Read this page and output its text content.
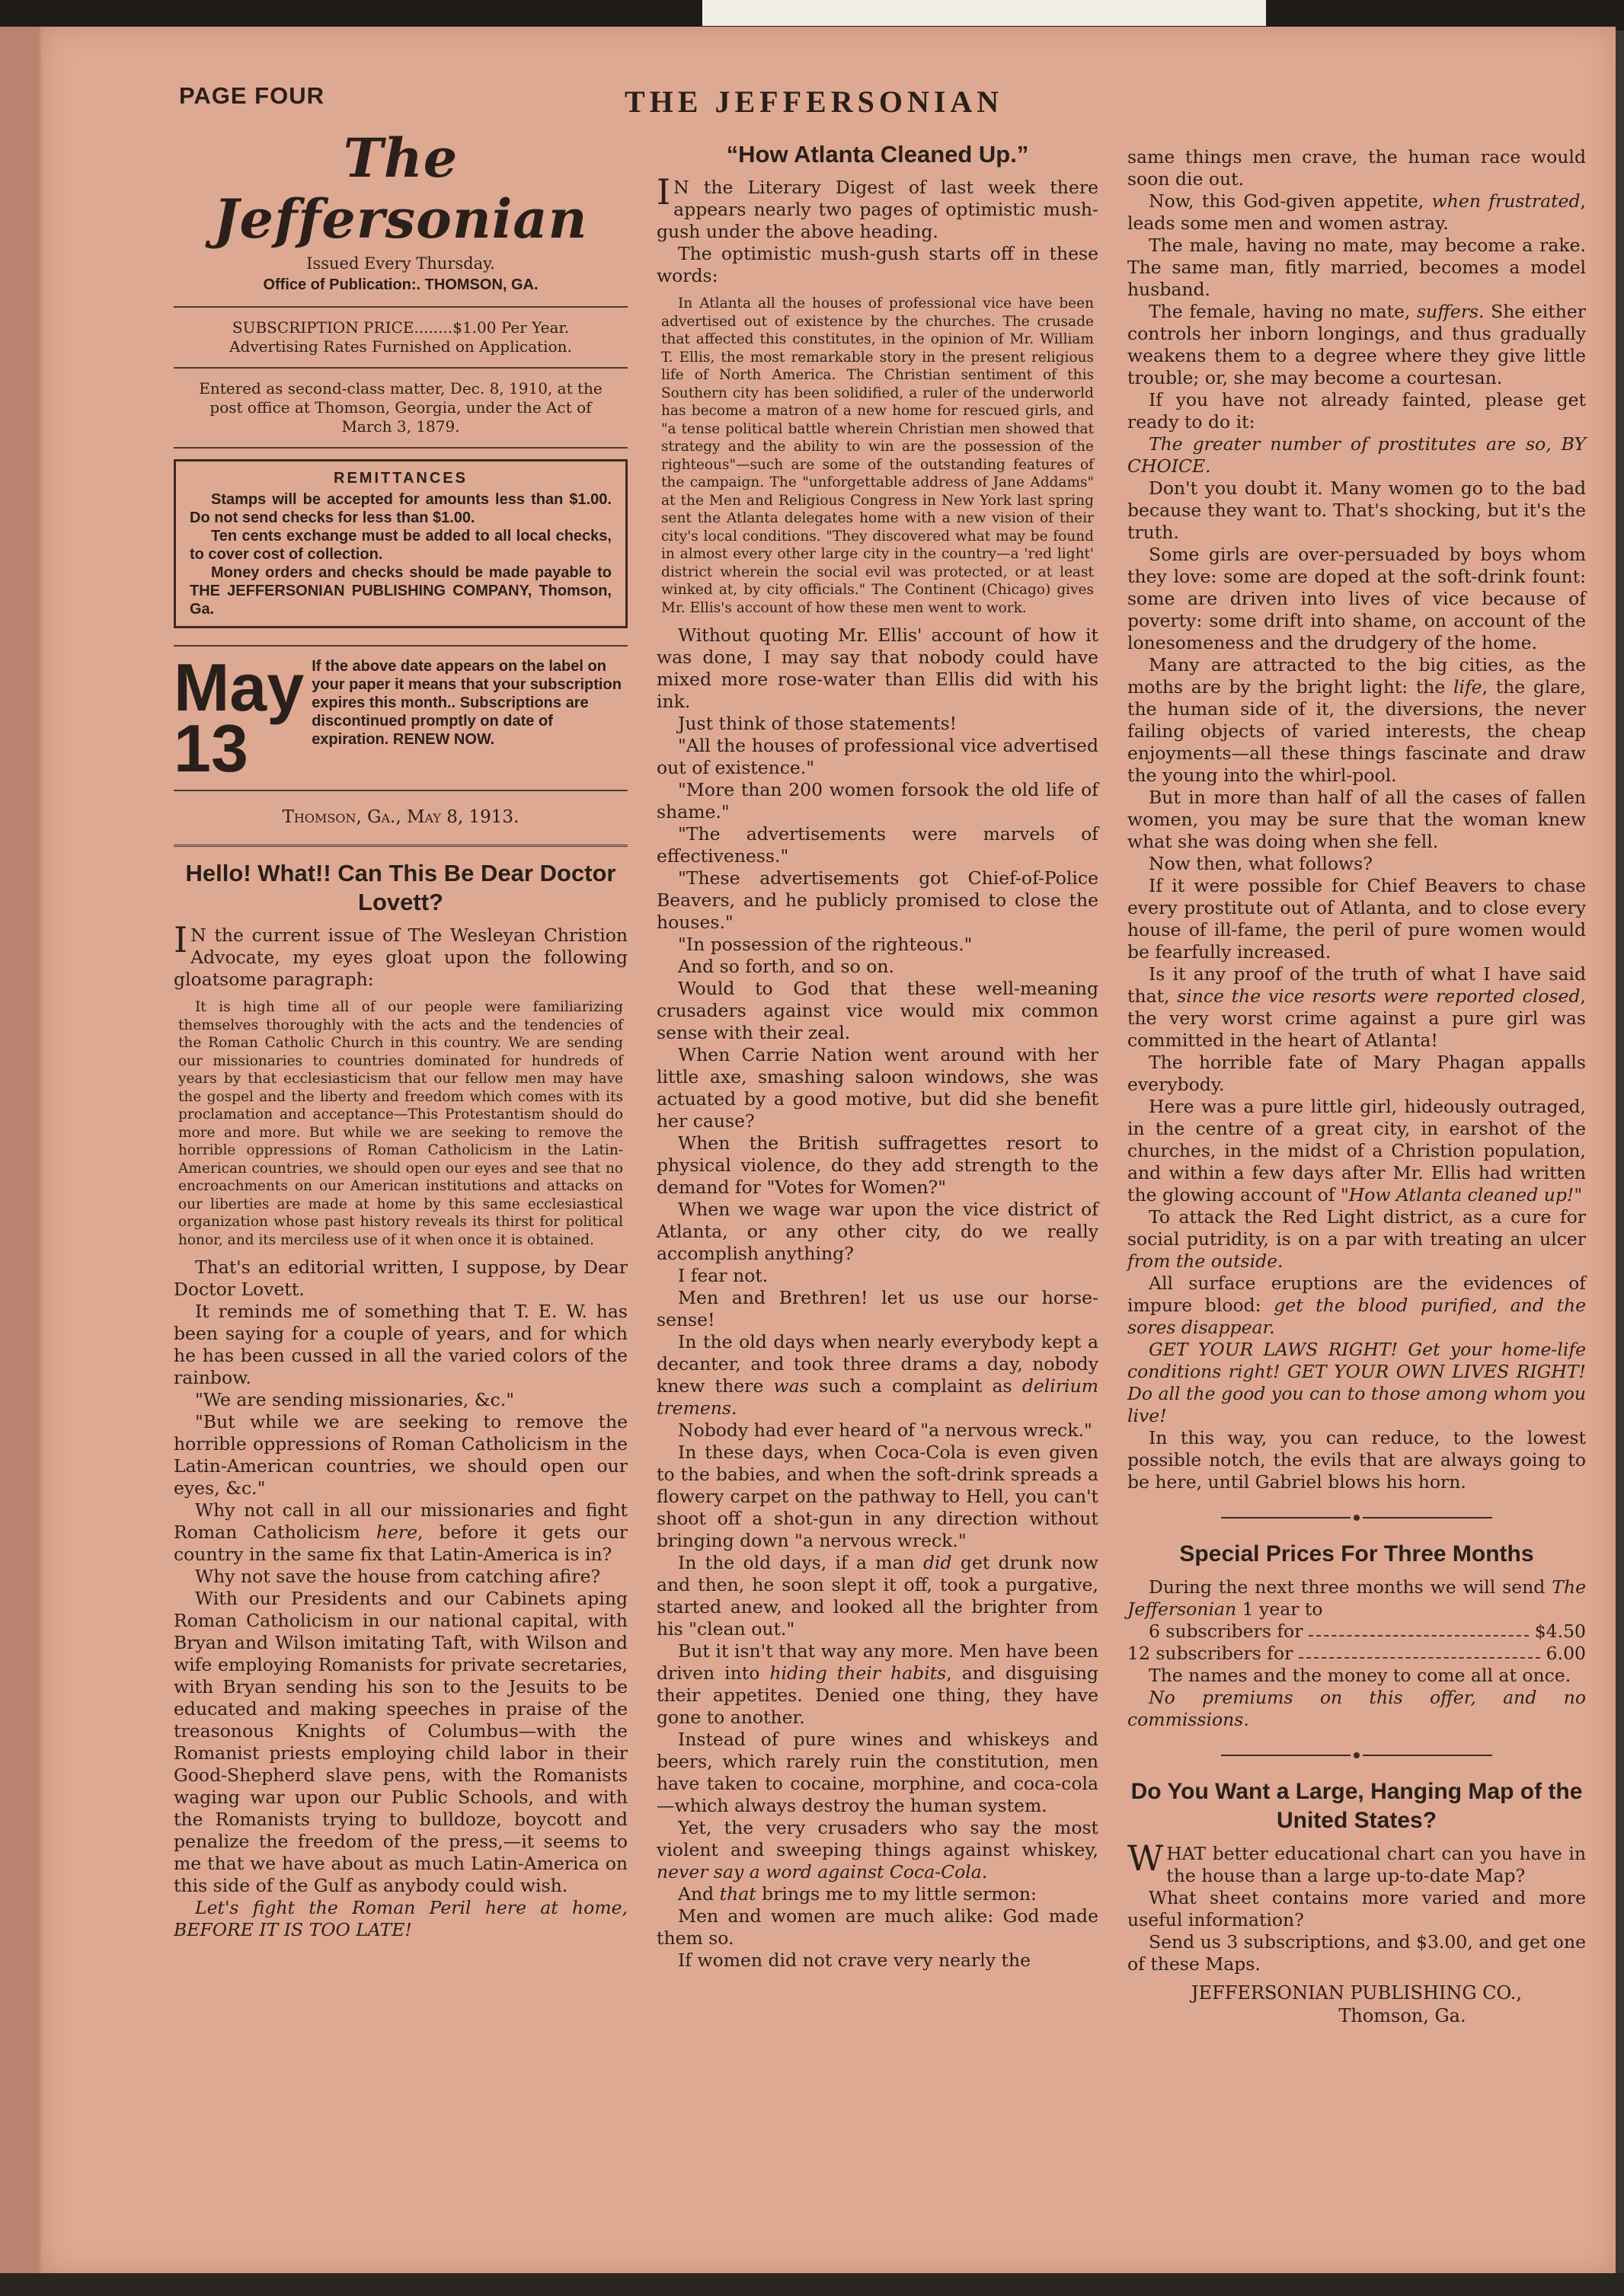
PAGE FOUR	THE JEFFERSONIAN
The Jeffersonian
Issued Every Thursday.
Office of Publication:. THOMSON, GA.
SUBSCRIPTION PRICE........$1.00 Per Year.
Advertising Rates Furnished on Application.
Entered as second-class matter, Dec. 8, 1910, at the post office at Thomson, Georgia, under the Act of March 3, 1879.
REMITTANCES

Stamps will be accepted for amounts less than $1.00. Do not send checks for less than $1.00.

Ten cents exchange must be added to all local checks, to cover cost of collection.

Money orders and checks should be made payable to THE JEFFERSONIAN PUBLISHING COMPANY, Thomson, Ga.

May 13
If the above date appears on the label on your paper it means that your subscription expires this month.. Subscriptions are discontinued promptly on date of expiration. RENEW NOW.
Thomson, Ga., May 8, 1913.
Hello! What!! Can This Be Dear Doctor Lovett?

IN the current issue of The Wesleyan Christion Advocate, my eyes gloat upon the following gloatsome paragraph:

It is high time all of our people were familiarizing themselves thoroughly with the acts and the tendencies of the Roman Catholic Church in this country. We are sending our missionaries to countries dominated for hundreds of years by that ecclesiasticism that our fellow men may have the gospel and the liberty and freedom which comes with its proclamation and acceptance—This Protestantism should do more and more. But while we are seeking to remove the horrible oppressions of Roman Catholicism in the Latin-American countries, we should open our eyes and see that no encroachments on our American institutions and attacks on our liberties are made at home by this same ecclesiastical organization whose past history reveals its thirst for political honor, and its merciless use of it when once it is obtained.

That's an editorial written, I suppose, by Dear Doctor Lovett.

It reminds me of something that T. E. W. has been saying for a couple of years, and for which he has been cussed in all the varied colors of the rainbow.

"We are sending missionaries, &c."

"But while we are seeking to remove the horrible oppressions of Roman Catholicism in the Latin-American countries, we should open our eyes, &c."

Why not call in all our missionaries and fight Roman Catholicism here, before it gets our country in the same fix that Latin-America is in?

Why not save the house from catching afire?

With our Presidents and our Cabinets aping Roman Catholicism in our national capital, with Bryan and Wilson imitating Taft, with Wilson and wife employing Romanists for private secretaries, with Bryan sending his son to the Jesuits to be educated and making speeches in praise of the treasonous Knights of Columbus—with the Romanist priests employing child labor in their Good-Shepherd slave pens, with the Romanists waging war upon our Public Schools, and with the Romanists trying to bulldoze, boycott and penalize the freedom of the press,—it seems to me that we have about as much Latin-America on this side of the Gulf as anybody could wish.

Let's fight the Roman Peril here at home, BEFORE IT IS TOO LATE!

“How Atlanta Cleaned Up.”

IN the Literary Digest of last week there appears nearly two pages of optimistic mush-gush under the above heading.

The optimistic mush-gush starts off in these words:

In Atlanta all the houses of professional vice have been advertised out of existence by the churches. The crusade that affected this constitutes, in the opinion of Mr. William T. Ellis, the most remarkable story in the present religious life of North America. The Christian sentiment of this Southern city has been solidified, a ruler of the underworld has become a matron of a new home for rescued girls, and "a tense political battle wherein Christian men showed that strategy and the ability to win are the possession of the righteous"—such are some of the outstanding features of the campaign. The "unforgettable address of Jane Addams" at the Men and Religious Congress in New York last spring sent the Atlanta delegates home with a new vision of their city's local conditions. "They discovered what may be found in almost every other large city in the country—a 'red light' district wherein the social evil was protected, or at least winked at, by city officials." The Continent (Chicago) gives Mr. Ellis's account of how these men went to work.

Without quoting Mr. Ellis' account of how it was done, I may say that nobody could have mixed more rose-water than Ellis did with his ink.

Just think of those statements!

"All the houses of professional vice advertised out of existence."

"More than 200 women forsook the old life of shame."

"The advertisements were marvels of effectiveness."

"These advertisements got Chief-of-Police Beavers, and he publicly promised to close the houses."

"In possession of the righteous."

And so forth, and so on.

Would to God that these well-meaning crusaders against vice would mix common sense with their zeal.

When Carrie Nation went around with her little axe, smashing saloon windows, she was actuated by a good motive, but did she benefit her cause?

When the British suffragettes resort to physical violence, do they add strength to the demand for "Votes for Women?"

When we wage war upon the vice district of Atlanta, or any other city, do we really accomplish anything?

I fear not.

Men and Brethren! let us use our horse-sense!

In the old days when nearly everybody kept a decanter, and took three drams a day, nobody knew there was such a complaint as delirium tremens.

Nobody had ever heard of "a nervous wreck."

In these days, when Coca-Cola is even given to the babies, and when the soft-drink spreads a flowery carpet on the pathway to Hell, you can't shoot off a shot-gun in any direction without bringing down "a nervous wreck."

In the old days, if a man did get drunk now and then, he soon slept it off, took a purgative, started anew, and looked all the brighter from his "clean out."

But it isn't that way any more. Men have been driven into hiding their habits, and disguising their appetites. Denied one thing, they have gone to another.

Instead of pure wines and whiskeys and beers, which rarely ruin the constitution, men have taken to cocaine, morphine, and coca-cola—which always destroy the human system.

Yet, the very crusaders who say the most violent and sweeping things against whiskey, never say a word against Coca-Cola.

And that brings me to my little sermon:

Men and women are much alike: God made them so.

If women did not crave very nearly the

same things men crave, the human race would soon die out.

Now, this God-given appetite, when frustrated, leads some men and women astray.

The male, having no mate, may become a rake. The same man, fitly married, becomes a model husband.

The female, having no mate, suffers. She either controls her inborn longings, and thus gradually weakens them to a degree where they give little trouble; or, she may become a courtesan.

If you have not already fainted, please get ready to do it:

The greater number of prostitutes are so, BY CHOICE.

Don't you doubt it. Many women go to the bad because they want to. That's shocking, but it's the truth.

Some girls are over-persuaded by boys whom they love: some are doped at the soft-drink fount: some are driven into lives of vice because of poverty: some drift into shame, on account of the lonesomeness and the drudgery of the home.

Many are attracted to the big cities, as the moths are by the bright light: the life, the glare, the human side of it, the diversions, the never failing objects of varied interests, the cheap enjoyments—all these things fascinate and draw the young into the whirl-pool.

But in more than half of all the cases of fallen women, you may be sure that the woman knew what she was doing when she fell.

Now then, what follows?

If it were possible for Chief Beavers to chase every prostitute out of Atlanta, and to close every house of ill-fame, the peril of pure women would be fearfully increased.

Is it any proof of the truth of what I have said that, since the vice resorts were reported closed, the very worst crime against a pure girl was committed in the heart of Atlanta!

The horrible fate of Mary Phagan appalls everybody.

Here was a pure little girl, hideously outraged, in the centre of a great city, in earshot of the churches, in the midst of a Christion population, and within a few days after Mr. Ellis had written the glowing account of "How Atlanta cleaned up!"

To attack the Red Light district, as a cure for social putridity, is on a par with treating an ulcer from the outside.

All surface eruptions are the evidences of impure blood: get the blood purified, and the sores disappear.

GET YOUR LAWS RIGHT! Get your home-life conditions right! GET YOUR OWN LIVES RIGHT! Do all the good you can to those among whom you live!

In this way, you can reduce, to the lowest possible notch, the evils that are always going to be here, until Gabriel blows his horn.

Special Prices For Three Months

During the next three months we will send The Jeffersonian 1 year to

6 subscribers for	$4.50
12 subscribers for	6.00

The names and the money to come all at once.

No premiums on this offer, and no commissions.

Do You Want a Large, Hanging Map of the United States?

WHAT better educational chart can you have in the house than a large up-to-date Map?

What sheet contains more varied and more useful information?

Send us 3 subscriptions, and $3.00, and get one of these Maps.

JEFFERSONIAN PUBLISHING CO.,
Thomson, Ga.
